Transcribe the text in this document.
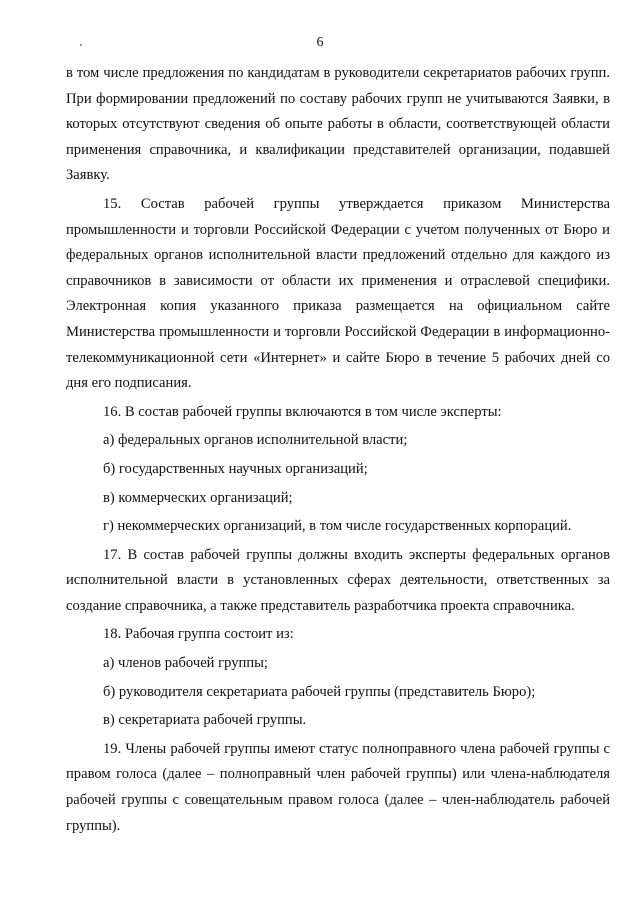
6

в том числе предложения по кандидатам в руководители секретариатов рабочих групп. При формировании предложений по составу рабочих групп не учитываются Заявки, в которых отсутствуют сведения об опыте работы в области, соответствующей области применения справочника, и квалификации представителей организации, подавшей Заявку.

15. Состав рабочей группы утверждается приказом Министерства промышленности и торговли Российской Федерации с учетом полученных от Бюро и федеральных органов исполнительной власти предложений отдельно для каждого из справочников в зависимости от области их применения и отраслевой специфики. Электронная копия указанного приказа размещается на официальном сайте Министерства промышленности и торговли Российской Федерации в информационно-телекоммуникационной сети «Интернет» и сайте Бюро в течение 5 рабочих дней со дня его подписания.

16. В состав рабочей группы включаются в том числе эксперты:

а) федеральных органов исполнительной власти;

б) государственных научных организаций;

в) коммерческих организаций;

г) некоммерческих организаций, в том числе государственных корпораций.

17. В состав рабочей группы должны входить эксперты федеральных органов исполнительной власти в установленных сферах деятельности, ответственных за создание справочника, а также представитель разработчика проекта справочника.

18. Рабочая группа состоит из:

а) членов рабочей группы;

б) руководителя секретариата рабочей группы (представитель Бюро);

в) секретариата рабочей группы.

19. Члены рабочей группы имеют статус полноправного члена рабочей группы с правом голоса (далее – полноправный член рабочей группы) или члена-наблюдателя рабочей группы с совещательным правом голоса (далее – член-наблюдатель рабочей группы).
